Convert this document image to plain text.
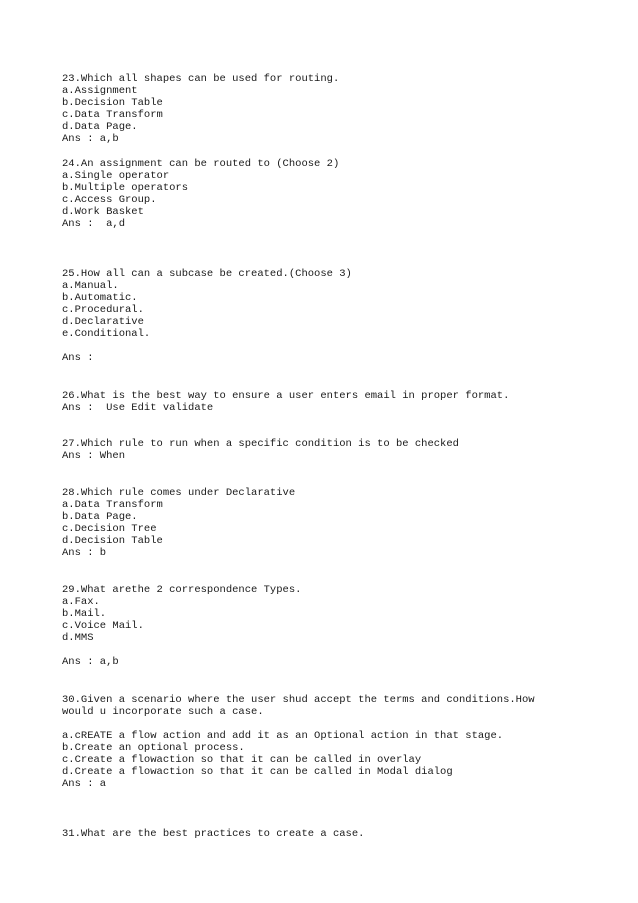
23.Which all shapes can be used for routing.

a.Assignment

b.Decision Table

c.Data Transform

d.Data Page.

Ans : a,b

24.An assignment can be routed to (Choose 2)

a.Single operator

b.Multiple operators

c.Access Group.

d.Work Basket

Ans :  a,d

25.How all can a subcase be created.(Choose 3)

a.Manual.

b.Automatic.

c.Procedural.

d.Declarative

e.Conditional.

Ans :

26.What is the best way to ensure a user enters email in proper format.

Ans :  Use Edit validate

27.Which rule to run when a specific condition is to be checked

Ans : When

28.Which rule comes under Declarative

a.Data Transform

b.Data Page.

c.Decision Tree

d.Decision Table

Ans : b

29.What arethe 2 correspondence Types.

a.Fax.

b.Mail.

c.Voice Mail.

d.MMS

Ans : a,b

30.Given a scenario where the user shud accept the terms and conditions.How

would u incorporate such a case.

a.cREATE a flow action and add it as an Optional action in that stage.

b.Create an optional process.

c.Create a flowaction so that it can be called in overlay

d.Create a flowaction so that it can be called in Modal dialog

Ans : a

31.What are the best practices to create a case.
